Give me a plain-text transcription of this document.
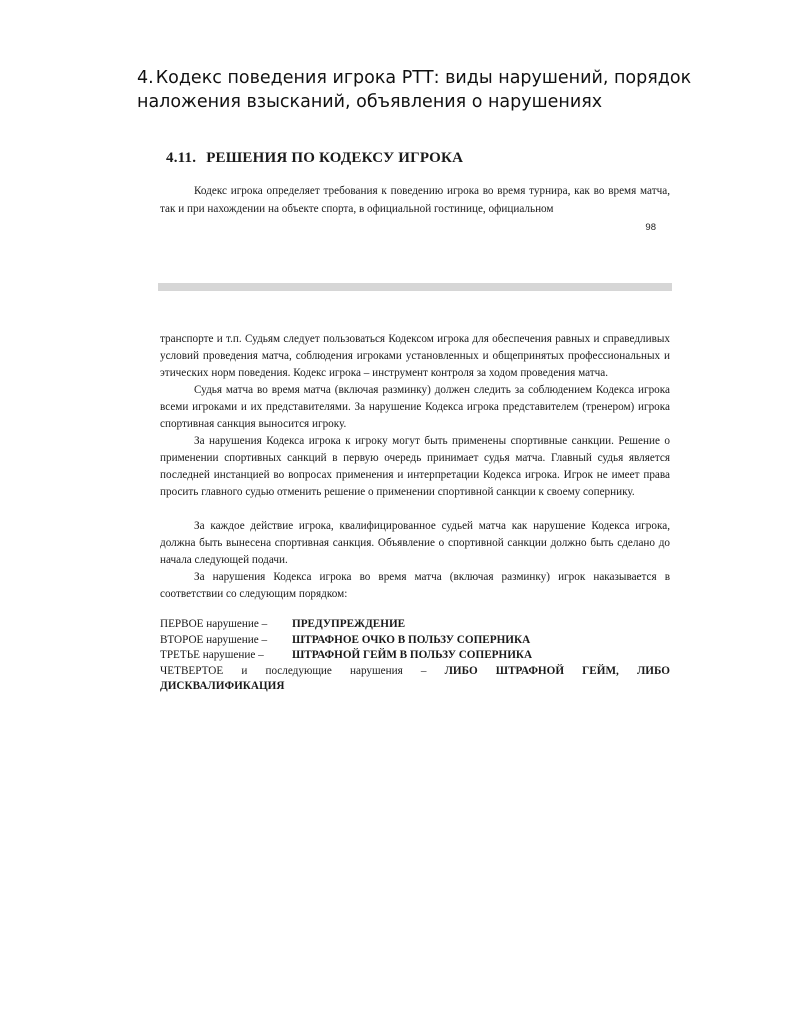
4. Кодекс поведения игрока РТТ: виды нарушений, порядок наложения взысканий, объявления о нарушениях
4.11. РЕШЕНИЯ ПО КОДЕКСУ ИГРОКА

Кодекс игрока определяет требования к поведению игрока во время турнира, как во время матча, так и при нахождении на объекте спорта, в официальной гостинице, официальном

98

транспорте и т.п. Судьям следует пользоваться Кодексом игрока для обеспечения равных и справедливых условий проведения матча, соблюдения игроками установленных и общепринятых профессиональных и этических норм поведения. Кодекс игрока – инструмент контроля за ходом проведения матча.

Судья матча во время матча (включая разминку) должен следить за соблюдением Кодекса игрока всеми игроками и их представителями. За нарушение Кодекса игрока представителем (тренером) игрока спортивная санкция выносится игроку.

За нарушения Кодекса игрока к игроку могут быть применены спортивные санкции. Решение о применении спортивных санкций в первую очередь принимает судья матча. Главный судья является последней инстанцией во вопросах применения и интерпретации Кодекса игрока. Игрок не имеет права просить главного судью отменить решение о применении спортивной санкции к своему сопернику.

За каждое действие игрока, квалифицированное судьей матча как нарушение Кодекса игрока, должна быть вынесена спортивная санкция. Объявление о спортивной санкции должно быть сделано до начала следующей подачи.

За нарушения Кодекса игрока во время матча (включая разминку) игрок наказывается в соответствии со следующим порядком:

ПЕРВОЕ нарушение –	ПРЕДУПРЕЖДЕНИЕ
ВТОРОЕ нарушение –	ШТРАФНОЕ ОЧКО В ПОЛЬЗУ СОПЕРНИКА
ТРЕТЬЕ нарушение –	ШТРАФНОЙ ГЕЙМ В ПОЛЬЗУ СОПЕРНИКА
ЧЕТВЕРТОЕ и последующие нарушения – ЛИБО ШТРАФНОЙ ГЕЙМ, ЛИБО
ДИСКВАЛИФИКАЦИЯ
